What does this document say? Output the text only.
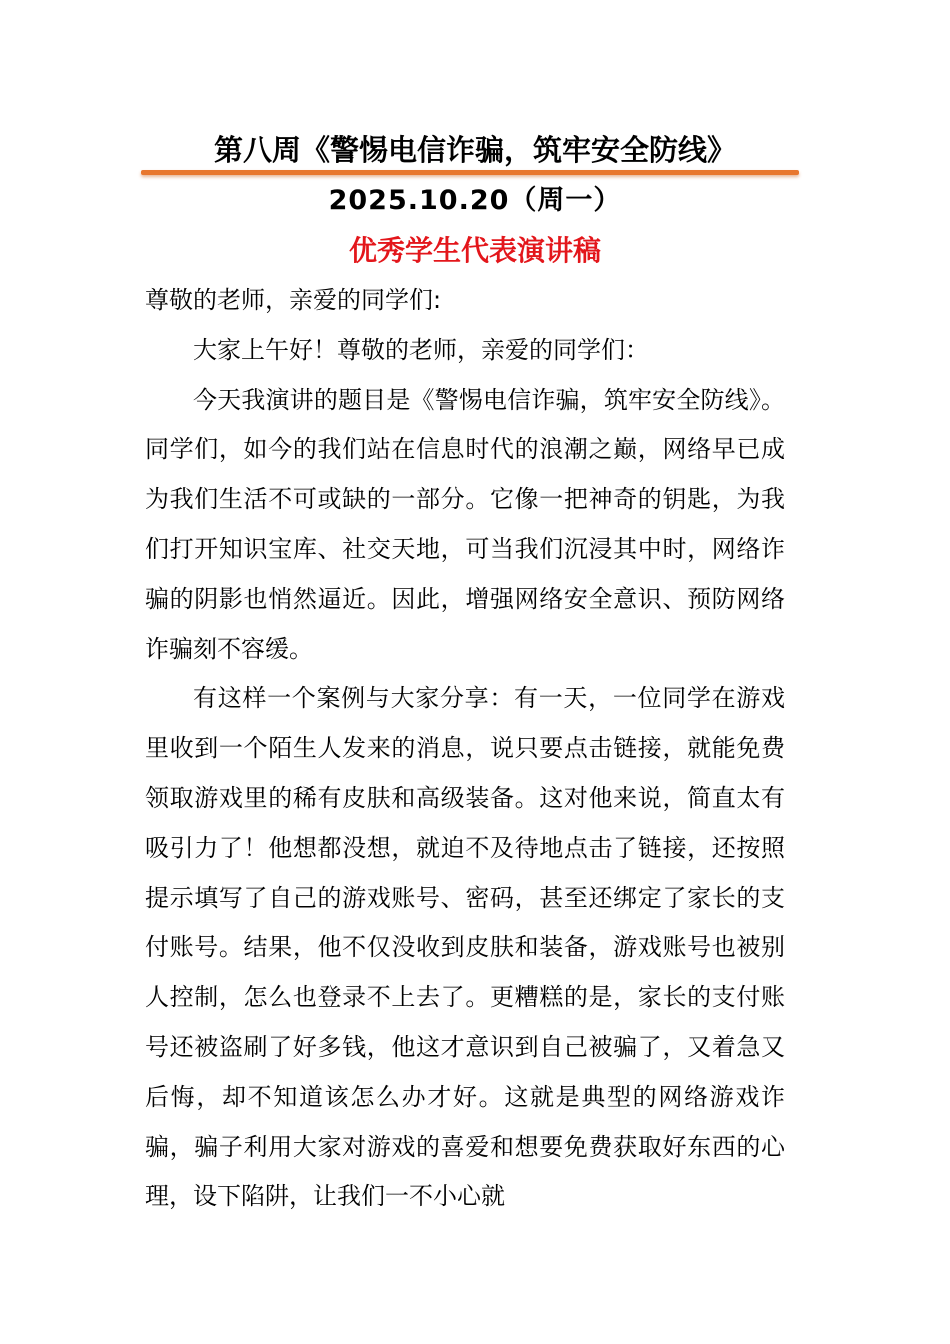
第八周《警惕电信诈骗，筑牢安全防线》
2025.10.20（周一）
优秀学生代表演讲稿

尊敬的老师，亲爱的同学们:

大家上午好！尊敬的老师，亲爱的同学们：

今天我演讲的题目是《警惕电信诈骗，筑牢安全防线》。同学们，如今的我们站在信息时代的浪潮之巅，网络早已成为我们生活不可或缺的一部分。它像一把神奇的钥匙，为我们打开知识宝库、社交天地，可当我们沉浸其中时，网络诈骗的阴影也悄然逼近。因此，增强网络安全意识、预防网络诈骗刻不容缓。

有这样一个案例与大家分享：有一天，一位同学在游戏里收到一个陌生人发来的消息，说只要点击链接，就能免费领取游戏里的稀有皮肤和高级装备。这对他来说，简直太有吸引力了！他想都没想，就迫不及待地点击了链接，还按照提示填写了自己的游戏账号、密码，甚至还绑定了家长的支付账号。结果，他不仅没收到皮肤和装备，游戏账号也被别人控制，怎么也登录不上去了。更糟糕的是，家长的支付账号还被盗刷了好多钱，他这才意识到自己被骗了，又着急又后悔，却不知道该怎么办才好。这就是典型的网络游戏诈骗，骗子利用大家对游戏的喜爱和想要免费获取好东西的心理，设下陷阱，让我们一不小心就
